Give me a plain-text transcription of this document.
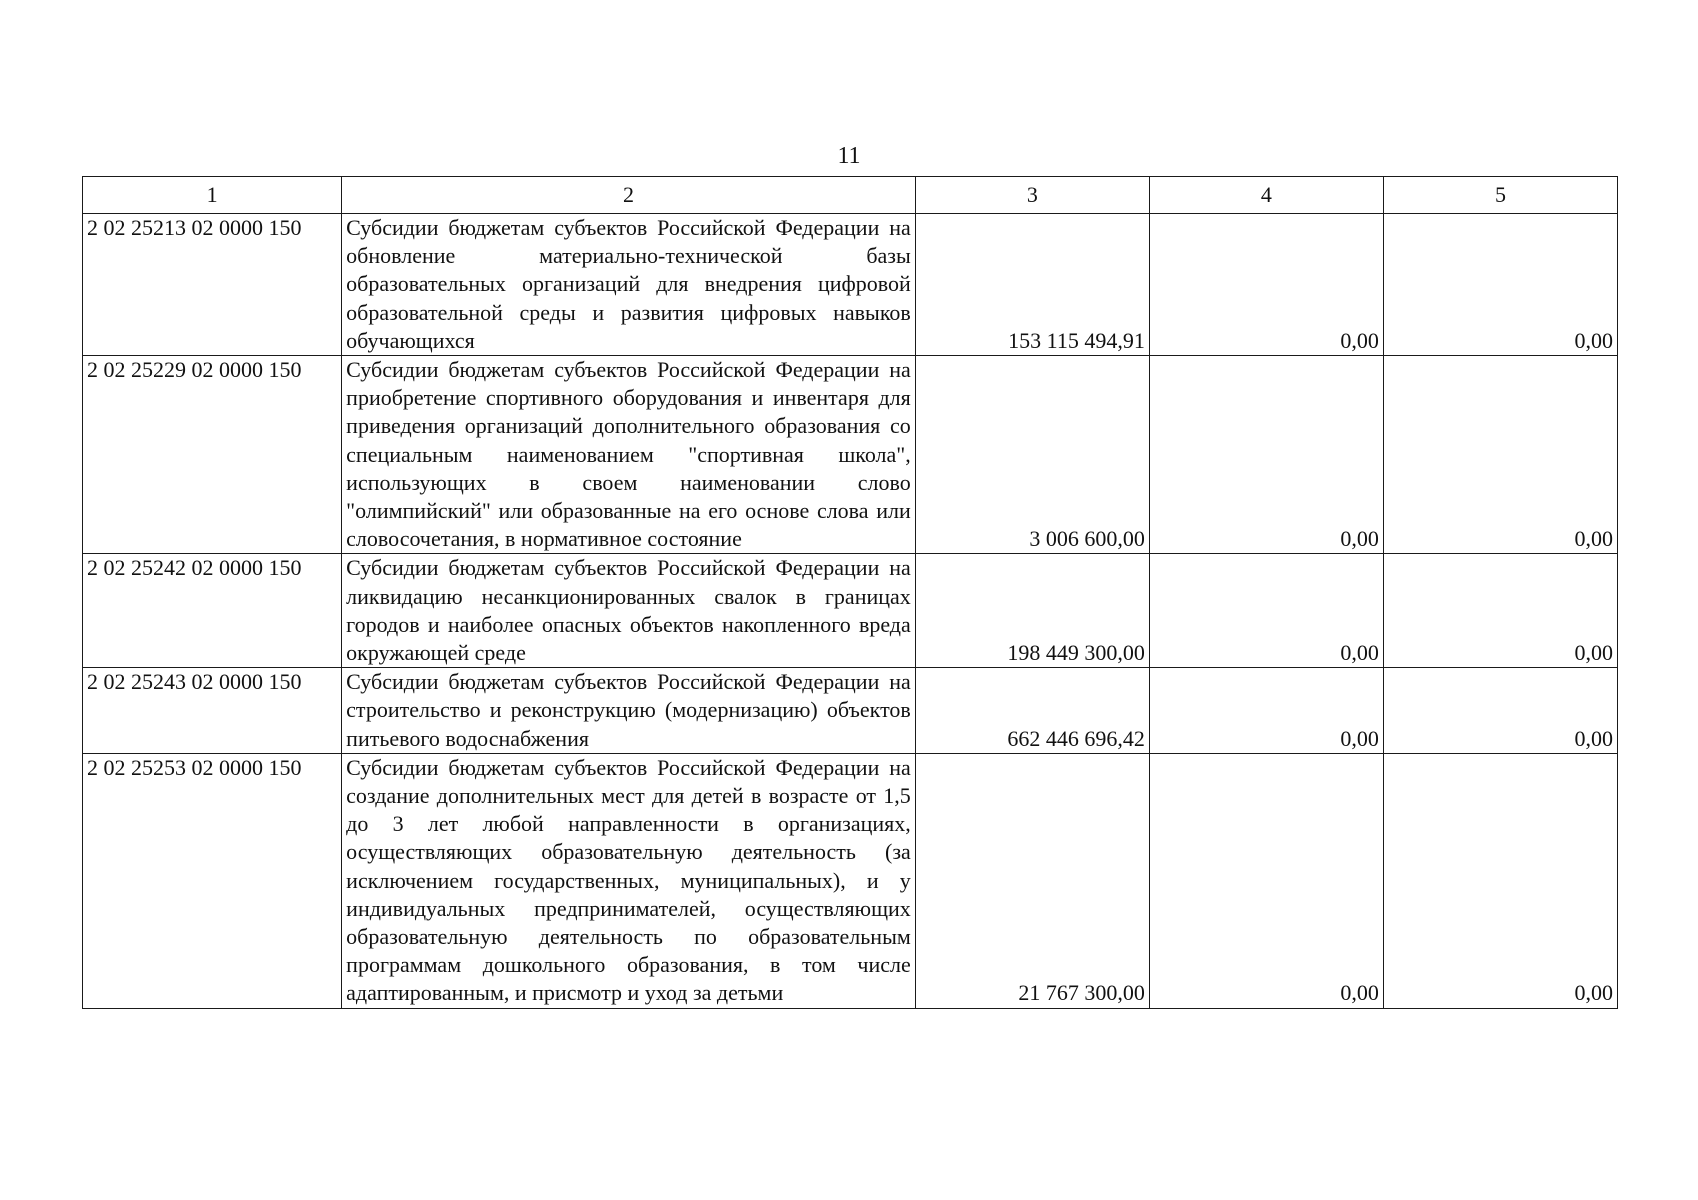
11
1	2	3	4	5
2 02 25213 02 0000 150	Субсидии бюджетам субъектов Российской Федерации на обновление материально-технической базы образовательных организаций для внедрения цифровой образовательной среды и развития цифровых навыков обучающихся	153 115 494,91	0,00	0,00
2 02 25229 02 0000 150	Субсидии бюджетам субъектов Российской Федерации на приобретение спортивного оборудования и инвентаря для приведения организаций дополнительного образования со специальным наименованием "спортивная школа", использующих в своем наименовании слово "олимпийский" или образованные на его основе слова или словосочетания, в нормативное состояние	3 006 600,00	0,00	0,00
2 02 25242 02 0000 150	Субсидии бюджетам субъектов Российской Федерации на ликвидацию несанкционированных свалок в границах городов и наиболее опасных объектов накопленного вреда окружающей среде	198 449 300,00	0,00	0,00
2 02 25243 02 0000 150	Субсидии бюджетам субъектов Российской Федерации на строительство и реконструкцию (модернизацию) объектов питьевого водоснабжения	662 446 696,42	0,00	0,00
2 02 25253 02 0000 150	Субсидии бюджетам субъектов Российской Федерации на создание дополнительных мест для детей в возрасте от 1,5 до 3 лет любой направленности в организациях, осуществляющих образовательную деятельность (за исключением государственных, муниципальных), и у индивидуальных предпринимателей, осуществляющих образовательную деятельность по образовательным программам дошкольного образования, в том числе адаптированным, и присмотр и уход за детьми	21 767 300,00	0,00	0,00
